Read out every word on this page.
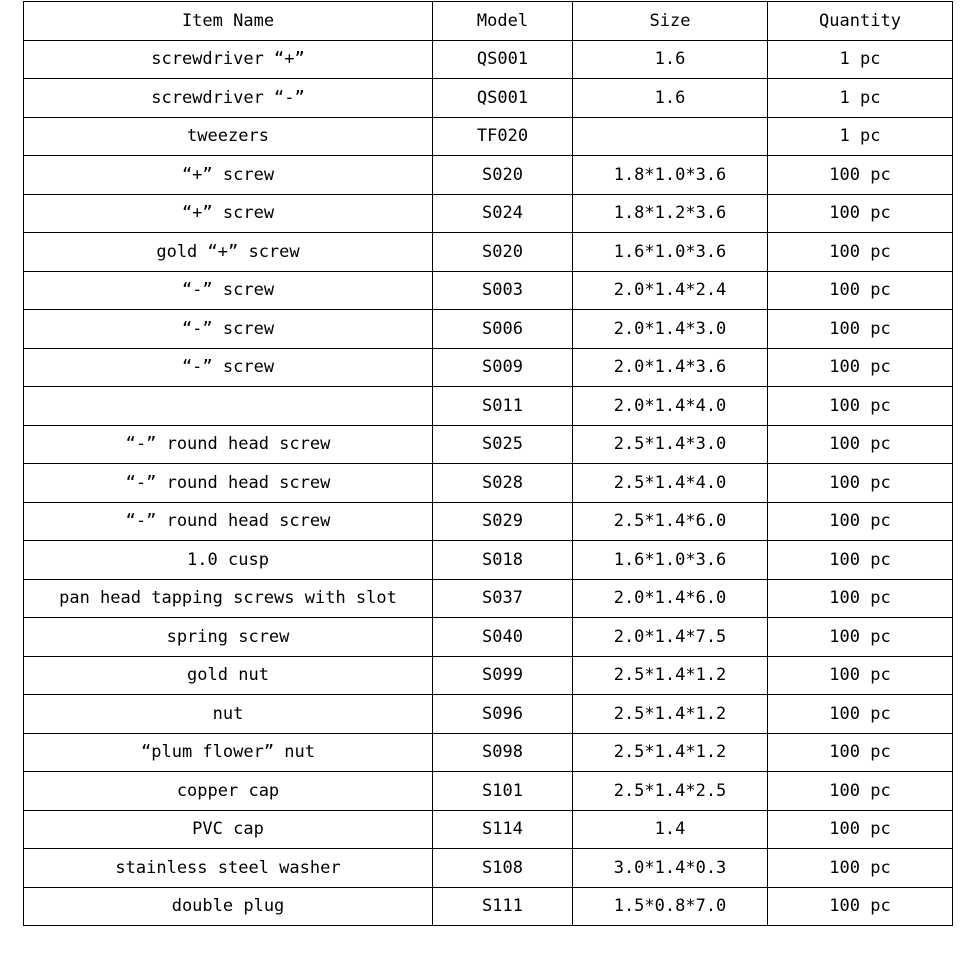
Item Name	Model	Size	Quantity
screwdriver “+”	QS001	1.6	1 pc
screwdriver “-”	QS001	1.6	1 pc
tweezers	TF020		1 pc
“+” screw	S020	1.8*1.0*3.6	100 pc
“+” screw	S024	1.8*1.2*3.6	100 pc
gold “+” screw	S020	1.6*1.0*3.6	100 pc
“-” screw	S003	2.0*1.4*2.4	100 pc
“-” screw	S006	2.0*1.4*3.0	100 pc
“-” screw	S009	2.0*1.4*3.6	100 pc
	S011	2.0*1.4*4.0	100 pc
“-” round head screw	S025	2.5*1.4*3.0	100 pc
“-” round head screw	S028	2.5*1.4*4.0	100 pc
“-” round head screw	S029	2.5*1.4*6.0	100 pc
1.0 cusp	S018	1.6*1.0*3.6	100 pc
pan head tapping screws with slot	S037	2.0*1.4*6.0	100 pc
spring screw	S040	2.0*1.4*7.5	100 pc
gold nut	S099	2.5*1.4*1.2	100 pc
nut	S096	2.5*1.4*1.2	100 pc
“plum flower” nut	S098	2.5*1.4*1.2	100 pc
copper cap	S101	2.5*1.4*2.5	100 pc
PVC cap	S114	1.4	100 pc
stainless steel washer	S108	3.0*1.4*0.3	100 pc
double plug	S111	1.5*0.8*7.0	100 pc
